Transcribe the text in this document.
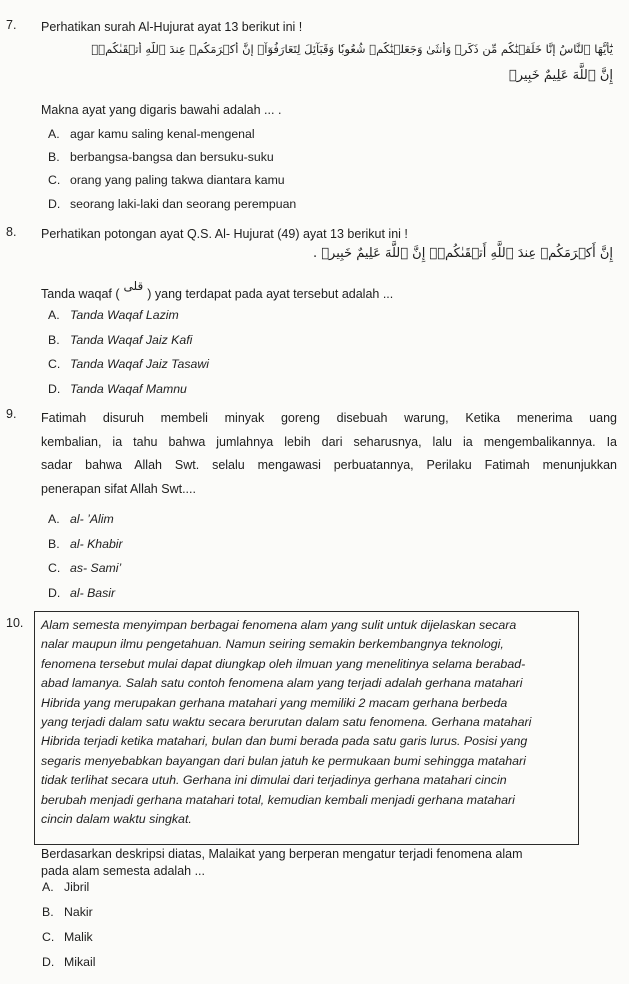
7. Perhatikan surah Al-Hujurat ayat 13 berikut ini !
يَٰٓأَيُّهَا ٱلنَّاسُ إِنَّا خَلَقۡنَٰكُم مِّن ذَكَرٖ وَأُنثَىٰ وَجَعَلۡنَٰكُمۡ شُعُوبٗا وَقَبَآئِلَ لِتَعَارَفُوٓاْۚ إِنَّ أَكۡرَمَكُمۡ عِندَ ٱللَّهِ أَتۡقَىٰكُمۡۚ
إِنَّ ٱللَّهَ عَلِيمٌ خَبِيرٞ
Makna ayat yang digaris bawahi adalah ... .
A. agar kamu saling kenal-mengenal
B. berbangsa-bangsa dan bersuku-suku
C. orang yang paling takwa diantara kamu
D. seorang laki-laki dan seorang perempuan
8. Perhatikan potongan ayat Q.S. Al- Hujurat (49) ayat 13 berikut ini !
إِنَّ أَكۡرَمَكُمۡ عِندَ ٱللَّهِ أَتۡقَىٰكُمۡۚ إِنَّ ٱللَّهَ عَلِيمٌ خَبِيرٞ .
Tanda waqaf (قلى) yang terdapat pada ayat tersebut adalah ...
A. Tanda Waqaf Lazim
B. Tanda Waqaf Jaiz Kafi
C. Tanda Waqaf Jaiz Tasawi
D. Tanda Waqaf Mamnu
9. Fatimah disuruh membeli minyak goreng disebuah warung, Ketika menerima uang
kembalian, ia tahu bahwa jumlahnya lebih dari seharusnya, lalu ia mengembalikannya. Ia
sadar bahwa Allah Swt. selalu mengawasi perbuatannya, Perilaku Fatimah menunjukkan
penerapan sifat Allah Swt....
A. al- ’Alim
B. al- Khabir
C. as- Sami’
D. al- Basir
10. Alam semesta menyimpan berbagai fenomena alam yang sulit untuk dijelaskan secara
nalar maupun ilmu pengetahuan. Namun seiring semakin berkembangnya teknologi,
fenomena tersebut mulai dapat diungkap oleh ilmuan yang menelitinya selama berabad-
abad lamanya. Salah satu contoh fenomena alam yang terjadi adalah gerhana matahari
Hibrida yang merupakan gerhana matahari yang memiliki 2 macam gerhana berbeda
yang terjadi dalam satu waktu secara berurutan dalam satu fenomena. Gerhana matahari
Hibrida terjadi ketika matahari, bulan dan bumi berada pada satu garis lurus. Posisi yang
segaris menyebabkan bayangan dari bulan jatuh ke permukaan bumi sehingga matahari
tidak terlihat secara utuh. Gerhana ini dimulai dari terjadinya gerhana matahari cincin
berubah menjadi gerhana matahari total, kemudian kembali menjadi gerhana matahari
cincin dalam waktu singkat.
Berdasarkan deskripsi diatas, Malaikat yang berperan mengatur terjadi fenomena alam
pada alam semesta adalah ...
A. Jibril
B. Nakir
C. Malik
D. Mikail
